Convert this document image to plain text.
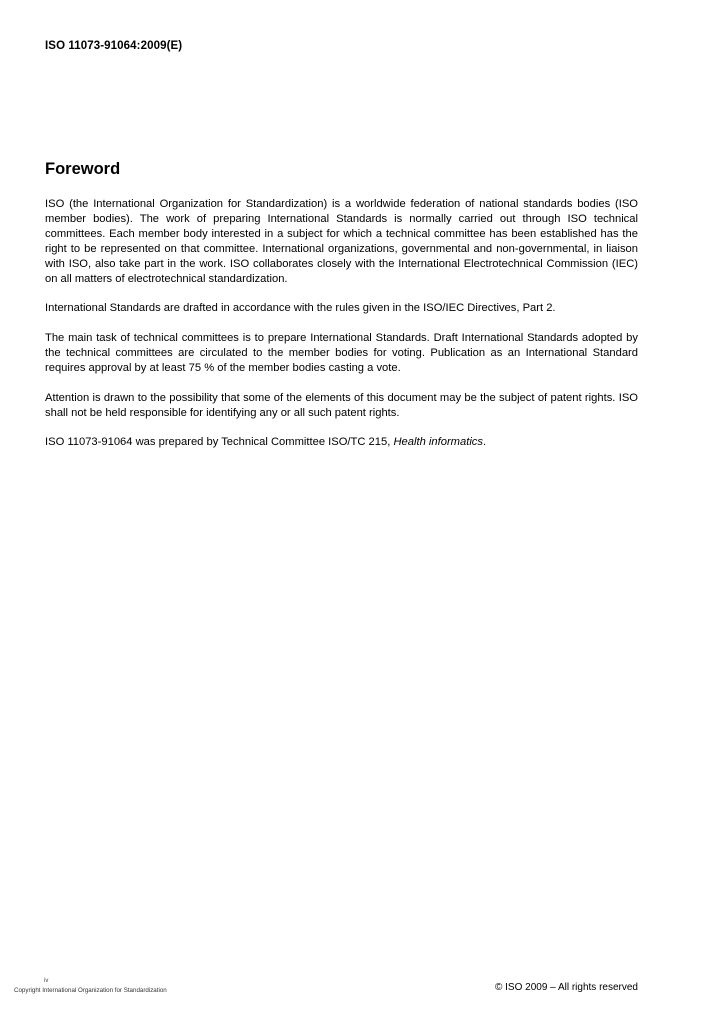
ISO 11073-91064:2009(E)
Foreword

ISO (the International Organization for Standardization) is a worldwide federation of national standards bodies (ISO member bodies). The work of preparing International Standards is normally carried out through ISO technical committees. Each member body interested in a subject for which a technical committee has been established has the right to be represented on that committee. International organizations, governmental and non-governmental, in liaison with ISO, also take part in the work. ISO collaborates closely with the International Electrotechnical Commission (IEC) on all matters of electrotechnical standardization.

International Standards are drafted in accordance with the rules given in the ISO/IEC Directives, Part 2.

The main task of technical committees is to prepare International Standards. Draft International Standards adopted by the technical committees are circulated to the member bodies for voting. Publication as an International Standard requires approval by at least 75 % of the member bodies casting a vote.

Attention is drawn to the possibility that some of the elements of this document may be the subject of patent rights. ISO shall not be held responsible for identifying any or all such patent rights.

ISO 11073-91064 was prepared by Technical Committee ISO/TC 215, Health informatics.

iv
Copyright International Organization for Standardization	© ISO 2009 – All rights reserved
